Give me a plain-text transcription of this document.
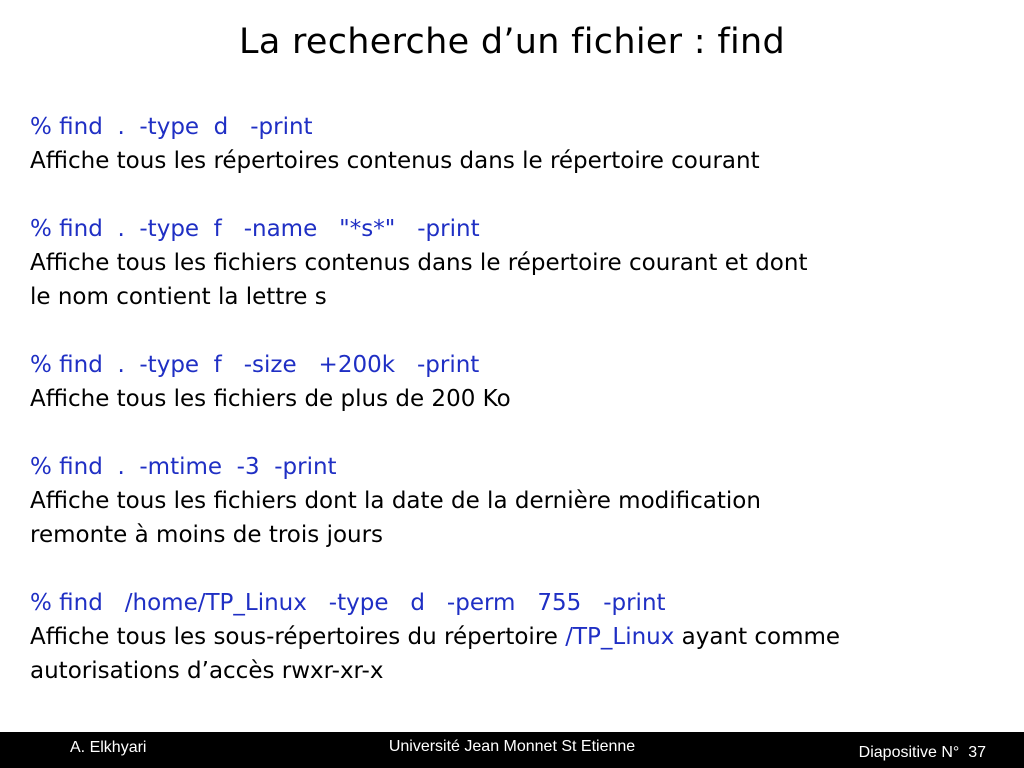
La recherche d’un fichier : find
% find  .  -type  d   -print
Affiche tous les répertoires contenus dans le répertoire courant
% find  .  -type  f   -name   "*s*"   -print
Affiche tous les fichiers contenus dans le répertoire courant et dont
le nom contient la lettre s
% find  .  -type  f   -size   +200k   -print
Affiche tous les fichiers de plus de 200 Ko
% find  .  -mtime  -3  -print
Affiche tous les fichiers dont la date de la dernière modification
remonte à moins de trois jours
% find   /home/TP_Linux   -type   d   -perm   755   -print
Affiche tous les sous-répertoires du répertoire /TP_Linux ayant comme
autorisations d’accès rwxr-xr-x
A. Elkhyari	Université Jean Monnet St Etienne	Diapositive N° 37
